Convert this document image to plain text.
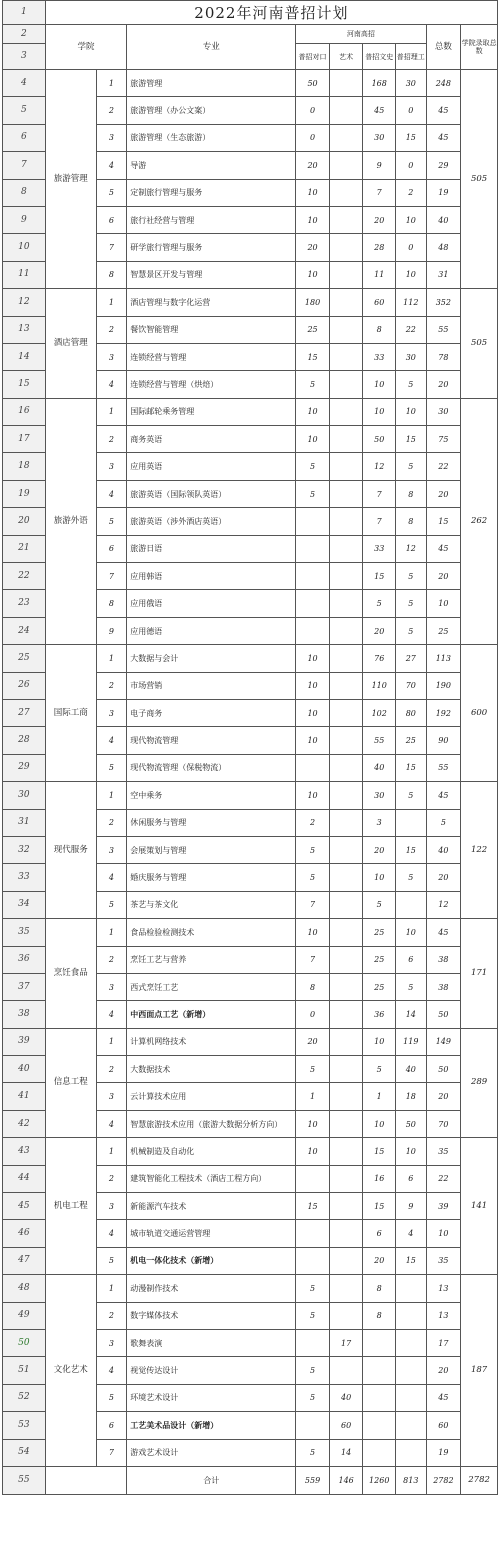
1	2022年河南普招计划								
2	学院		专业	河南高招				总数	学院录取总数
3				普招对口	艺术	普招文史	普招理工		
4	旅游管理	1	旅游管理	50		168	30	248	505
5		2	旅游管理（办公文案）	0		45	0	45	
6		3	旅游管理（生态旅游）	0		30	15	45	
7		4	导游	20		9	0	29	
8		5	定制旅行管理与服务	10		7	2	19	
9		6	旅行社经营与管理	10		20	10	40	
10		7	研学旅行管理与服务	20		28	0	48	
11		8	智慧景区开发与管理	10		11	10	31	
12	酒店管理	1	酒店管理与数字化运营	180		60	112	352	505
13		2	餐饮智能管理	25		8	22	55	
14		3	连锁经营与管理	15		33	30	78	
15		4	连锁经营与管理（烘焙）	5		10	5	20	
16	旅游外语	1	国际邮轮乘务管理	10		10	10	30	262
17		2	商务英语	10		50	15	75	
18		3	应用英语	5		12	5	22	
19		4	旅游英语（国际领队英语）	5		7	8	20	
20		5	旅游英语（涉外酒店英语）			7	8	15	
21		6	旅游日语			33	12	45	
22		7	应用韩语			15	5	20	
23		8	应用俄语			5	5	10	
24		9	应用德语			20	5	25	
25	国际工商	1	大数据与会计	10		76	27	113	600
26		2	市场营销	10		110	70	190	
27		3	电子商务	10		102	80	192	
28		4	现代物流管理	10		55	25	90	
29		5	现代物流管理（保税物流）			40	15	55	
30	现代服务	1	空中乘务	10		30	5	45	122
31		2	休闲服务与管理	2		3		5	
32		3	会展策划与管理	5		20	15	40	
33		4	婚庆服务与管理	5		10	5	20	
34		5	茶艺与茶文化	7		5		12	
35	烹饪食品	1	食品检验检测技术	10		25	10	45	171
36		2	烹饪工艺与营养	7		25	6	38	
37		3	西式烹饪工艺	8		25	5	38	
38		4	中西面点工艺（新增）	0		36	14	50	
39	信息工程	1	计算机网络技术	20		10	119	149	289
40		2	大数据技术	5		5	40	50	
41		3	云计算技术应用	1		1	18	20	
42		4	智慧旅游技术应用（旅游大数据分析方向）	10		10	50	70	
43	机电工程	1	机械制造及自动化	10		15	10	35	141
44		2	建筑智能化工程技术（酒店工程方向）			16	6	22	
45		3	新能源汽车技术	15		15	9	39	
46		4	城市轨道交通运营管理			6	4	10	
47		5	机电一体化技术（新增）			20	15	35	
48	文化艺术	1	动漫制作技术	5		8		13	187
49		2	数字媒体技术	5		8		13	
50		3	歌舞表演		17			17	
51		4	视觉传达设计	5				20	
52		5	环境艺术设计	5	40			45	
53		6	工艺美术品设计（新增）		60			60	
54		7	游戏艺术设计	5	14			19	
55			合计	559	146	1260	813	2782	2782
